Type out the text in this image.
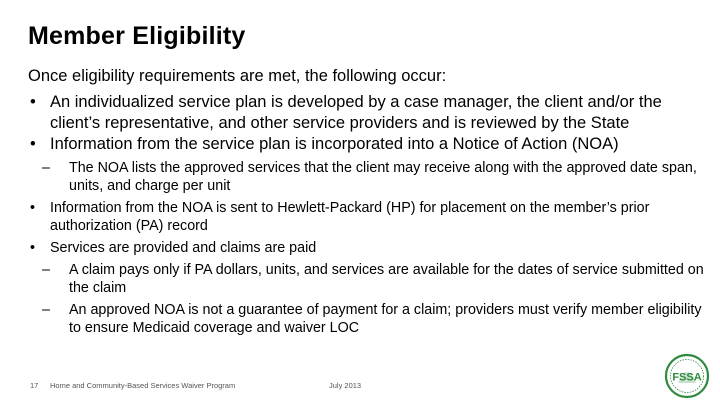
Member Eligibility
Once eligibility requirements are met, the following occur:
• An individualized service plan is developed by a case manager, the client and/or the client’s representative, and other service providers and is reviewed by the State
• Information from the service plan is incorporated into a Notice of Action (NOA)
– The NOA lists the approved services that the client may receive along with the approved date span, units, and charge per unit
• Information from the NOA is sent to Hewlett-Packard (HP) for placement on the member’s prior authorization (PA) record
• Services are provided and claims are paid
– A claim pays only if PA dollars, units, and services are available for the dates of service submitted on the claim
– An approved NOA is not a guarantee of payment for a claim; providers must verify member eligibility to ensure Medicaid coverage and waiver LOC
17 Home and Community-Based Services Waiver Program	July 2013
FSSA
